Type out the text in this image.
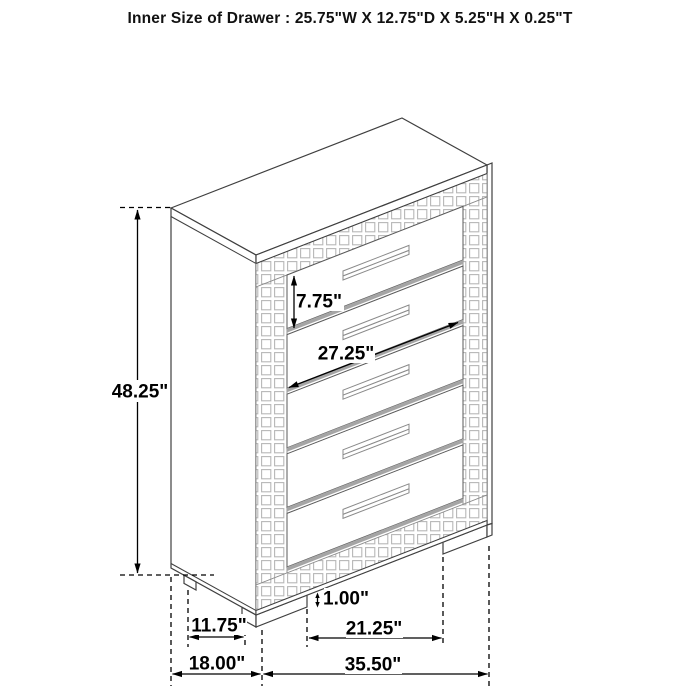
Inner Size of Drawer : 25.75"W X 12.75"D X 5.25"H X 0.25"T
48.25"
7.75"
27.25"
1.00"
11.75"
18.00"
21.25"
35.50"
